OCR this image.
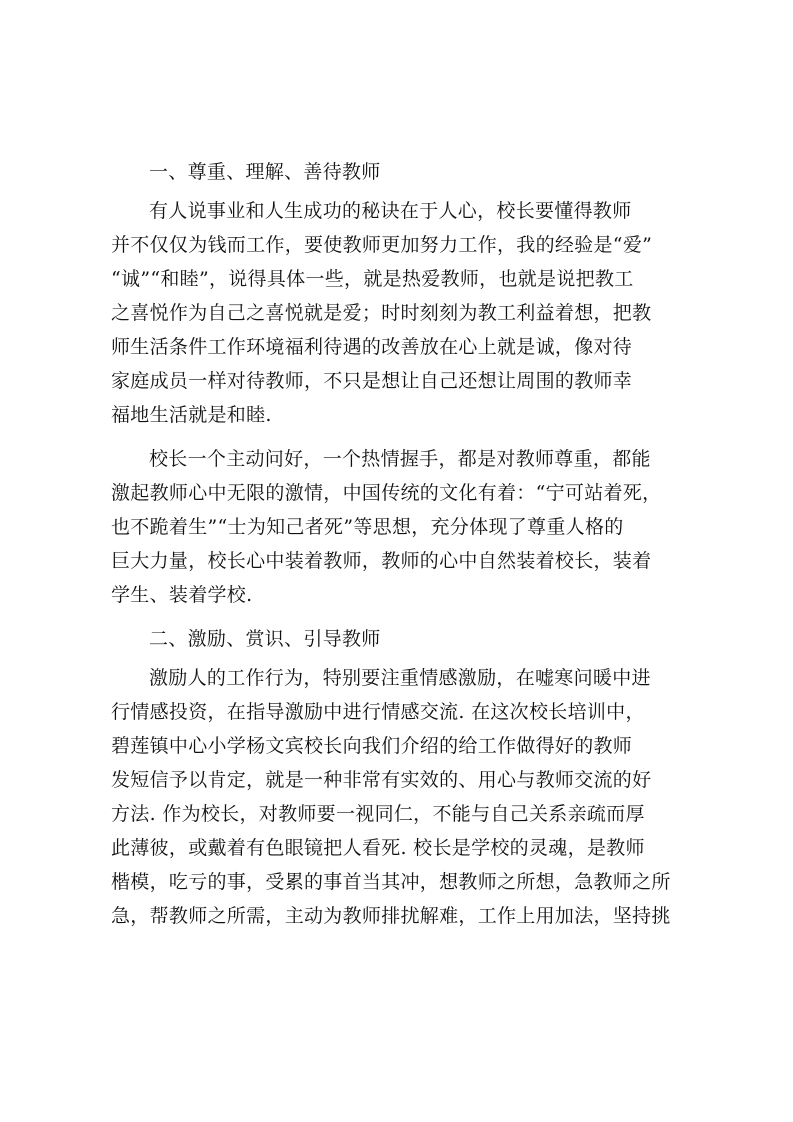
一、尊重、理解、善待教师
有人说事业和人生成功的秘诀在于人心，校长要懂得教师
并不仅仅为钱而工作，要使教师更加努力工作，我的经验是“爱”
“诚”“和睦”，说得具体一些，就是热爱教师，也就是说把教工
之喜悦作为自己之喜悦就是爱；时时刻刻为教工利益着想，把教
师生活条件工作环境福利待遇的改善放在心上就是诚，像对待
家庭成员一样对待教师，不只是想让自己还想让周围的教师幸
福地生活就是和睦.
校长一个主动问好，一个热情握手，都是对教师尊重，都能
激起教师心中无限的激情，中国传统的文化有着：“宁可站着死，
也不跪着生”“士为知己者死”等思想，充分体现了尊重人格的
巨大力量，校长心中装着教师，教师的心中自然装着校长，装着
学生、装着学校.
二、激励、赏识、引导教师
激励人的工作行为，特别要注重情感激励，在嘘寒问暖中进
行情感投资，在指导激励中进行情感交流. 在这次校长培训中，
碧莲镇中心小学杨文宾校长向我们介绍的给工作做得好的教师
发短信予以肯定，就是一种非常有实效的、用心与教师交流的好
方法. 作为校长，对教师要一视同仁，不能与自己关系亲疏而厚
此薄彼，或戴着有色眼镜把人看死. 校长是学校的灵魂，是教师
楷模，吃亏的事，受累的事首当其冲，想教师之所想，急教师之所
急，帮教师之所需，主动为教师排扰解难，工作上用加法，坚持挑
